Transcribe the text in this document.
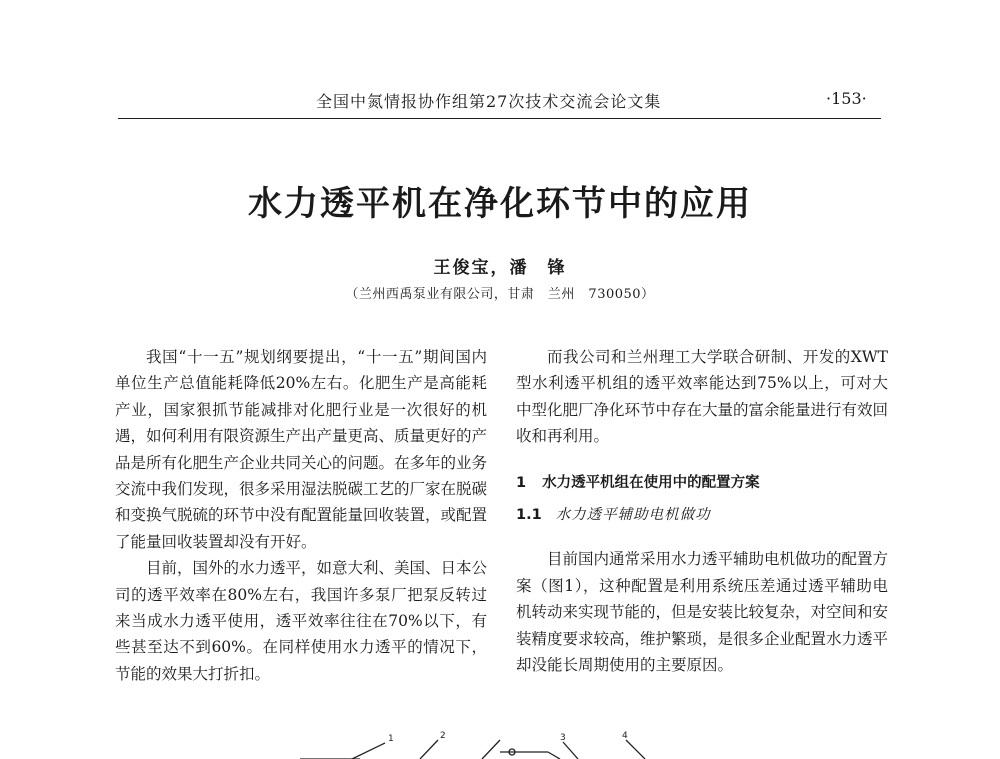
全国中氮情报协作组第27次技术交流会论文集	·153·
水力透平机在净化环节中的应用
王俊宝，潘　锋
（兰州西禹泵业有限公司，甘肃　兰州　730050）

我国“十一五”规划纲要提出，“十一五”期间国内单位生产总值能耗降低20%左右。化肥生产是高能耗产业，国家狠抓节能减排对化肥行业是一次很好的机遇，如何利用有限资源生产出产量更高、质量更好的产品是所有化肥生产企业共同关心的问题。在多年的业务交流中我们发现，很多采用湿法脱碳工艺的厂家在脱碳和变换气脱硫的环节中没有配置能量回收装置，或配置了能量回收装置却没有开好。

目前，国外的水力透平，如意大利、美国、日本公司的透平效率在80%左右，我国许多泵厂把泵反转过来当成水力透平使用，透平效率往往在70%以下，有些甚至达不到60%。在同样使用水力透平的情况下，节能的效果大打折扣。

而我公司和兰州理工大学联合研制、开发的XWT型水利透平机组的透平效率能达到75%以上，可对大中型化肥厂净化环节中存在大量的富余能量进行有效回收和再利用。

1 水力透平机组在使用中的配置方案

1.1 水力透平辅助电机做功

目前国内通常采用水力透平辅助电机做功的配置方案（图1），这种配置是利用系统压差通过透平辅助电机转动来实现节能的，但是安装比较复杂，对空间和安装精度要求较高，维护繁琐，是很多企业配置水力透平却没能长周期使用的主要原因。

1	2	3	4
